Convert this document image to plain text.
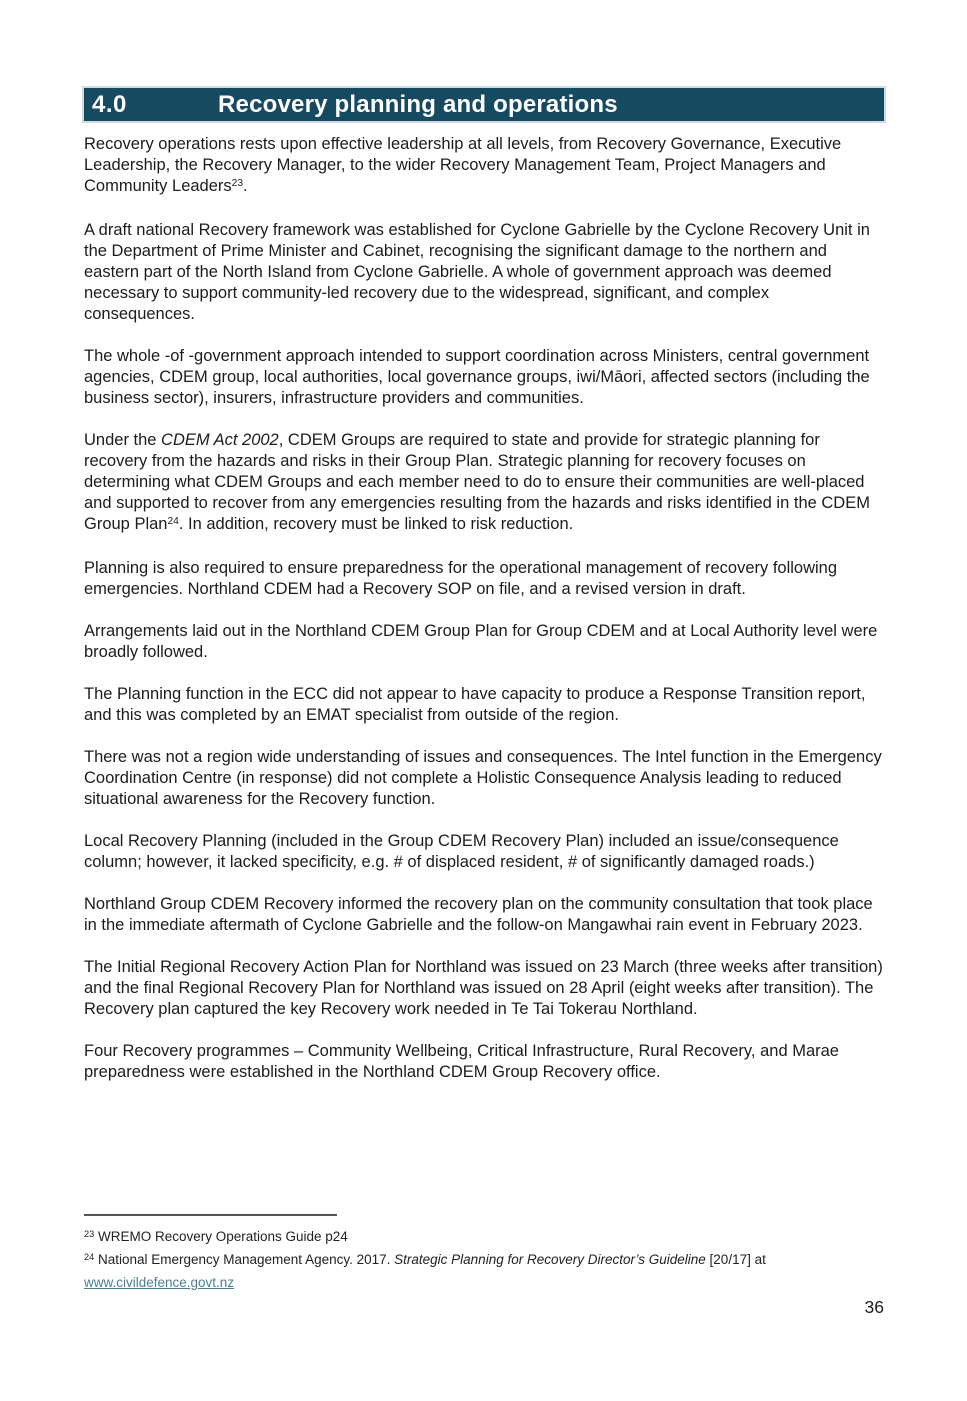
4.0	Recovery planning and operations

Recovery operations rests upon effective leadership at all levels, from Recovery Governance, Executive Leadership, the Recovery Manager, to the wider Recovery Management Team, Project Managers and Community Leaders$^{23}$.

A draft national Recovery framework was established for Cyclone Gabrielle by the Cyclone Recovery Unit in the Department of Prime Minister and Cabinet, recognising the significant damage to the northern and eastern part of the North Island from Cyclone Gabrielle. A whole of government approach was deemed necessary to support community-led recovery due to the widespread, significant, and complex consequences.

The whole -of -government approach intended to support coordination across Ministers, central government agencies, CDEM group, local authorities, local governance groups, iwi/Māori, affected sectors (including the business sector), insurers, infrastructure providers and communities.

Under the CDEM Act 2002, CDEM Groups are required to state and provide for strategic planning for recovery from the hazards and risks in their Group Plan. Strategic planning for recovery focuses on determining what CDEM Groups and each member need to do to ensure their communities are well-placed and supported to recover from any emergencies resulting from the hazards and risks identified in the CDEM Group Plan$^{24}$. In addition, recovery must be linked to risk reduction.

Planning is also required to ensure preparedness for the operational management of recovery following emergencies. Northland CDEM had a Recovery SOP on file, and a revised version in draft.

Arrangements laid out in the Northland CDEM Group Plan for Group CDEM and at Local Authority level were broadly followed.

The Planning function in the ECC did not appear to have capacity to produce a Response Transition report, and this was completed by an EMAT specialist from outside of the region.

There was not a region wide understanding of issues and consequences. The Intel function in the Emergency Coordination Centre (in response) did not complete a Holistic Consequence Analysis leading to reduced situational awareness for the Recovery function.

Local Recovery Planning (included in the Group CDEM Recovery Plan) included an issue/consequence column; however, it lacked specificity, e.g. # of displaced resident, # of significantly damaged roads.)

Northland Group CDEM Recovery informed the recovery plan on the community consultation that took place in the immediate aftermath of Cyclone Gabrielle and the follow-on Mangawhai rain event in February 2023.

The Initial Regional Recovery Action Plan for Northland was issued on 23 March (three weeks after transition) and the final Regional Recovery Plan for Northland was issued on 28 April (eight weeks after transition). The Recovery plan captured the key Recovery work needed in Te Tai Tokerau Northland.

Four Recovery programmes – Community Wellbeing, Critical Infrastructure, Rural Recovery, and Marae preparedness were established in the Northland CDEM Group Recovery office.

$^{23}$ WREMO Recovery Operations Guide p24
$^{24}$ National Emergency Management Agency. 2017. Strategic Planning for Recovery Director’s Guideline [20/17] at www.civildefence.govt.nz
36
